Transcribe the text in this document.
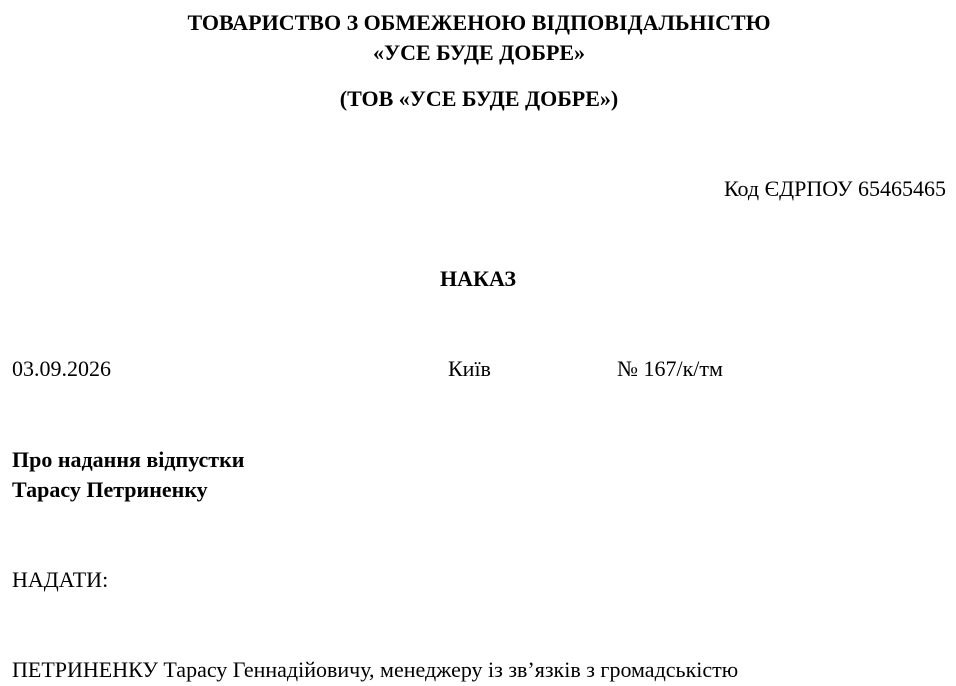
ТОВАРИСТВО З ОБМЕЖЕНОЮ ВІДПОВІДАЛЬНІСТЮ
«УСЕ БУДЕ ДОБРЕ»
(ТОВ «УСЕ БУДЕ ДОБРЕ»)
Код ЄДРПОУ 65465465
НАКАЗ
03.09.2026	Київ	№ 167/к/тм
Про надання відпустки
Тарасу Петриненку
НАДАТИ:
ПЕТРИНЕНКУ Тарасу Геннадійовичу, менеджеру із зв’язків з громадськістю
